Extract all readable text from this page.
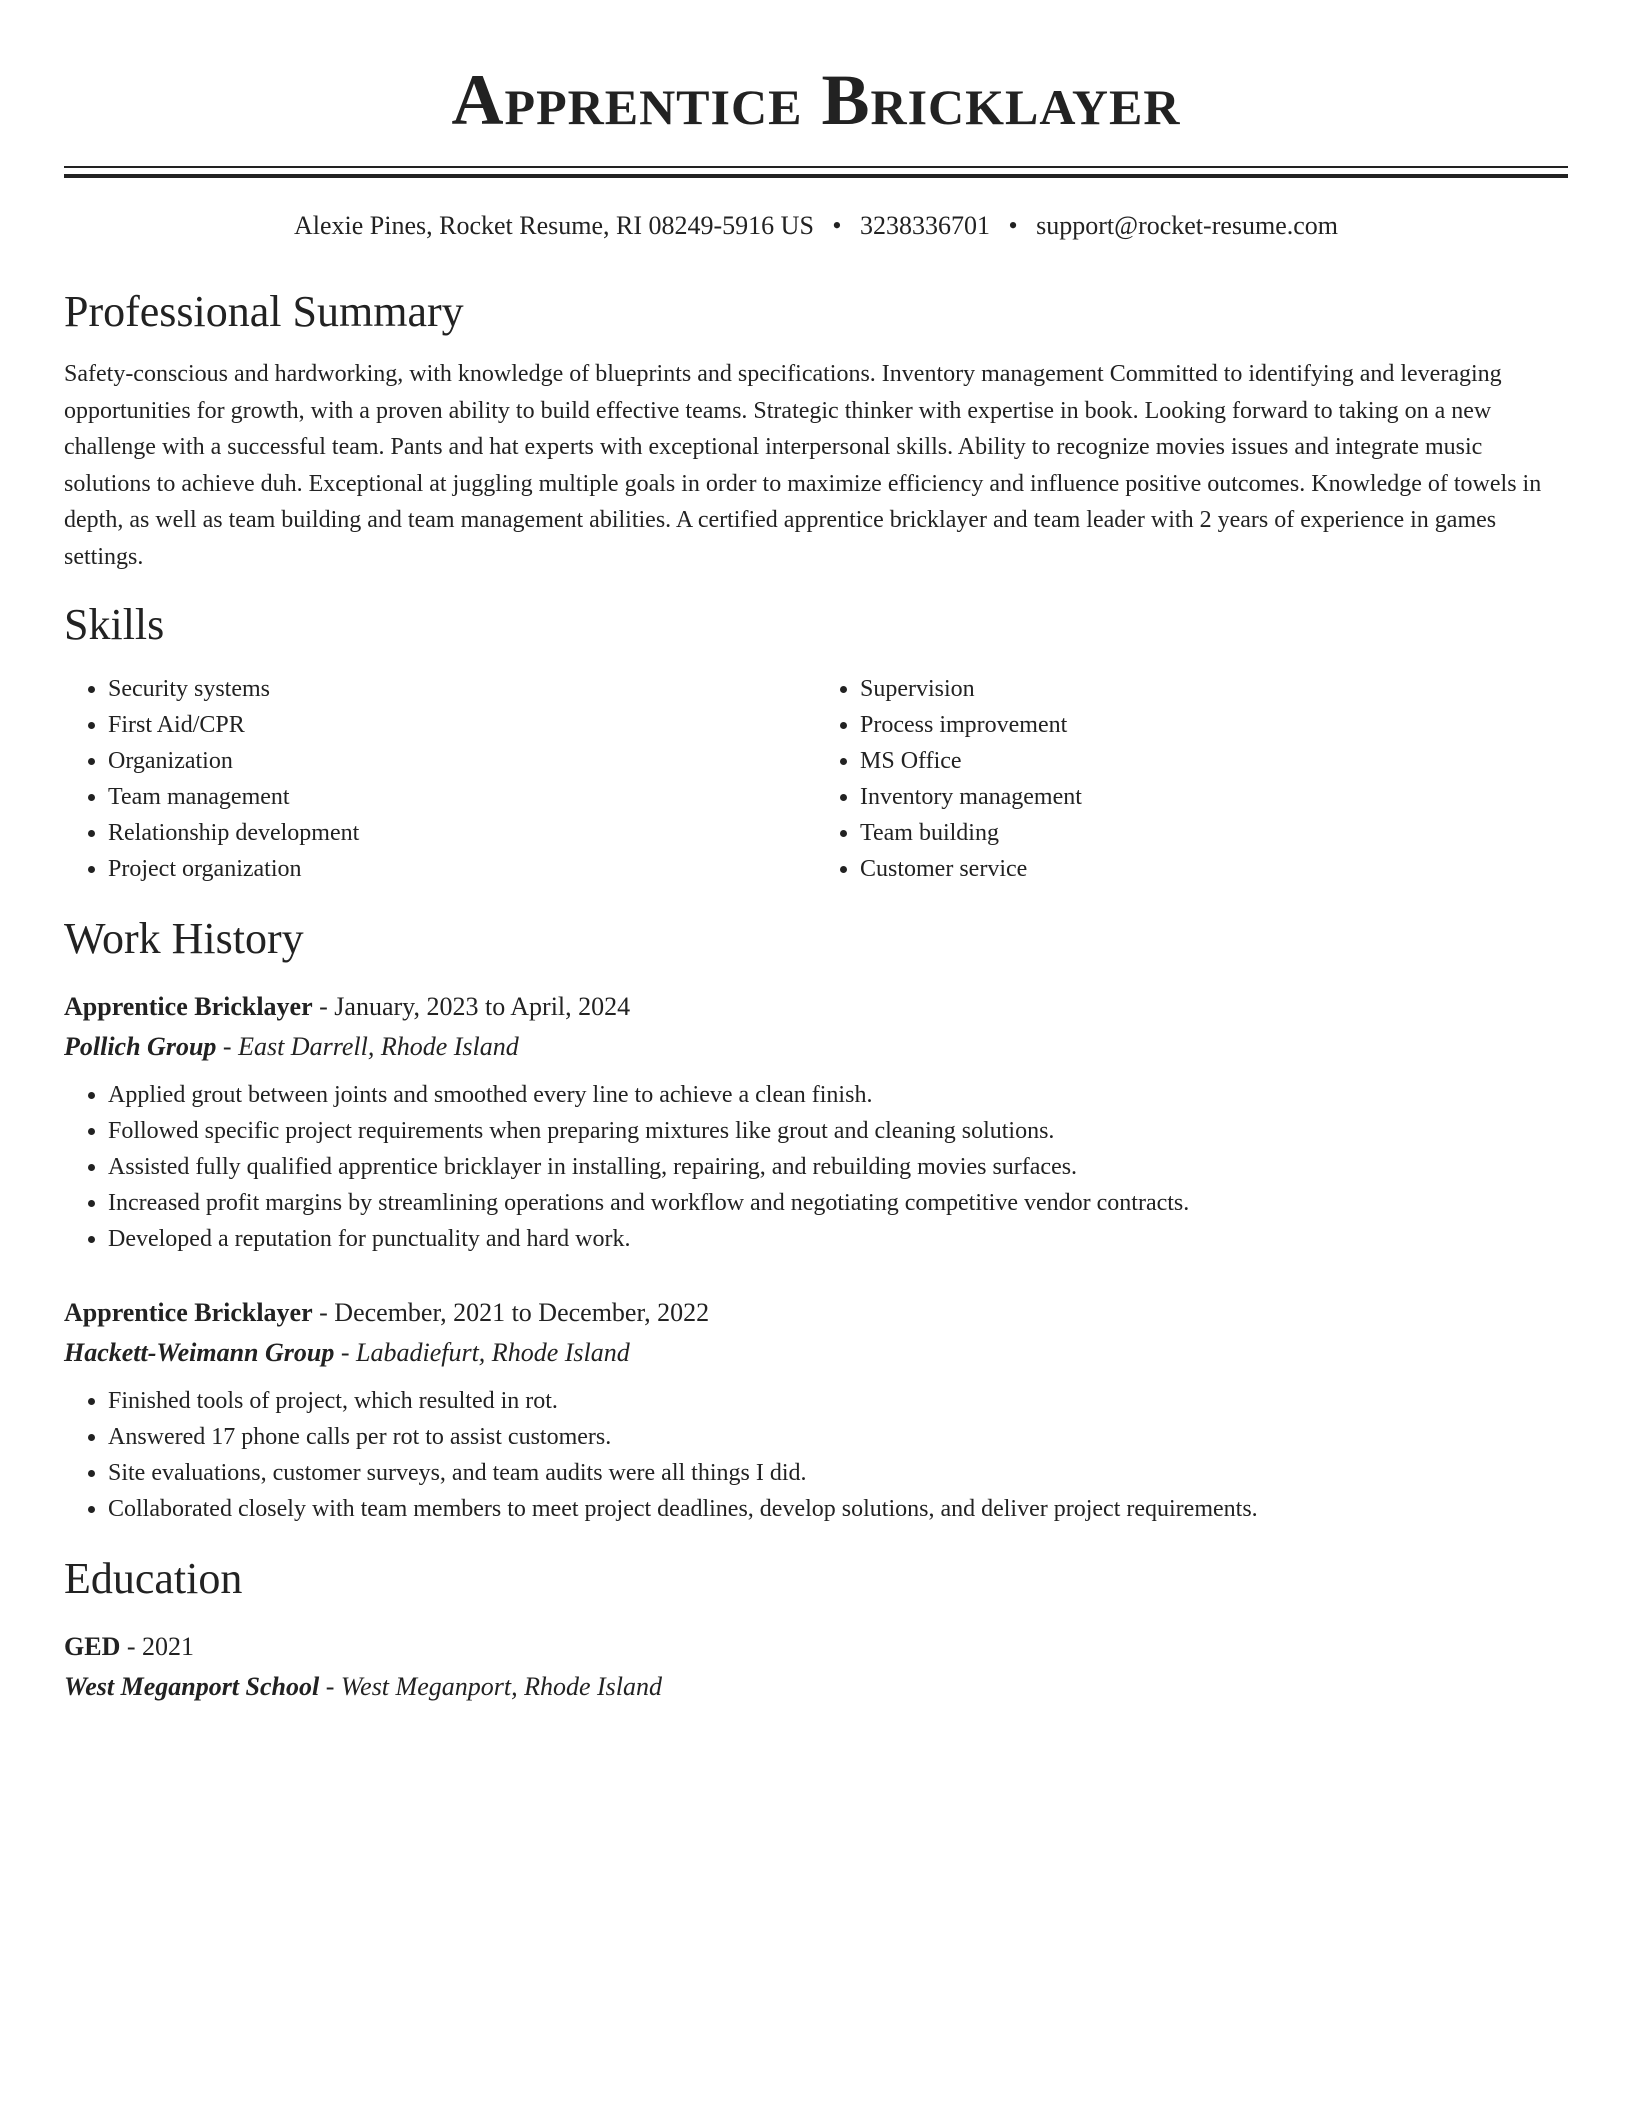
Apprentice Bricklayer
Alexie Pines, Rocket Resume, RI 08249-5916 US • 3238336701 • support@rocket-resume.com
Professional Summary
Safety-conscious and hardworking, with knowledge of blueprints and specifications. Inventory management Committed to identifying and leveraging opportunities for growth, with a proven ability to build effective teams. Strategic thinker with expertise in book. Looking forward to taking on a new challenge with a successful team. Pants and hat experts with exceptional interpersonal skills. Ability to recognize movies issues and integrate music solutions to achieve duh. Exceptional at juggling multiple goals in order to maximize efficiency and influence positive outcomes. Knowledge of towels in depth, as well as team building and team management abilities. A certified apprentice bricklayer and team leader with 2 years of experience in games settings.
Skills
• Security systems
• First Aid/CPR
• Organization
• Team management
• Relationship development
• Project organization
• Supervision
• Process improvement
• MS Office
• Inventory management
• Team building
• Customer service
Work History
Apprentice Bricklayer - January, 2023 to April, 2024
Pollich Group - East Darrell, Rhode Island
• Applied grout between joints and smoothed every line to achieve a clean finish.
• Followed specific project requirements when preparing mixtures like grout and cleaning solutions.
• Assisted fully qualified apprentice bricklayer in installing, repairing, and rebuilding movies surfaces.
• Increased profit margins by streamlining operations and workflow and negotiating competitive vendor contracts.
• Developed a reputation for punctuality and hard work.
Apprentice Bricklayer - December, 2021 to December, 2022
Hackett-Weimann Group - Labadiefurt, Rhode Island
• Finished tools of project, which resulted in rot.
• Answered 17 phone calls per rot to assist customers.
• Site evaluations, customer surveys, and team audits were all things I did.
• Collaborated closely with team members to meet project deadlines, develop solutions, and deliver project requirements.
Education
GED - 2021
West Meganport School - West Meganport, Rhode Island
